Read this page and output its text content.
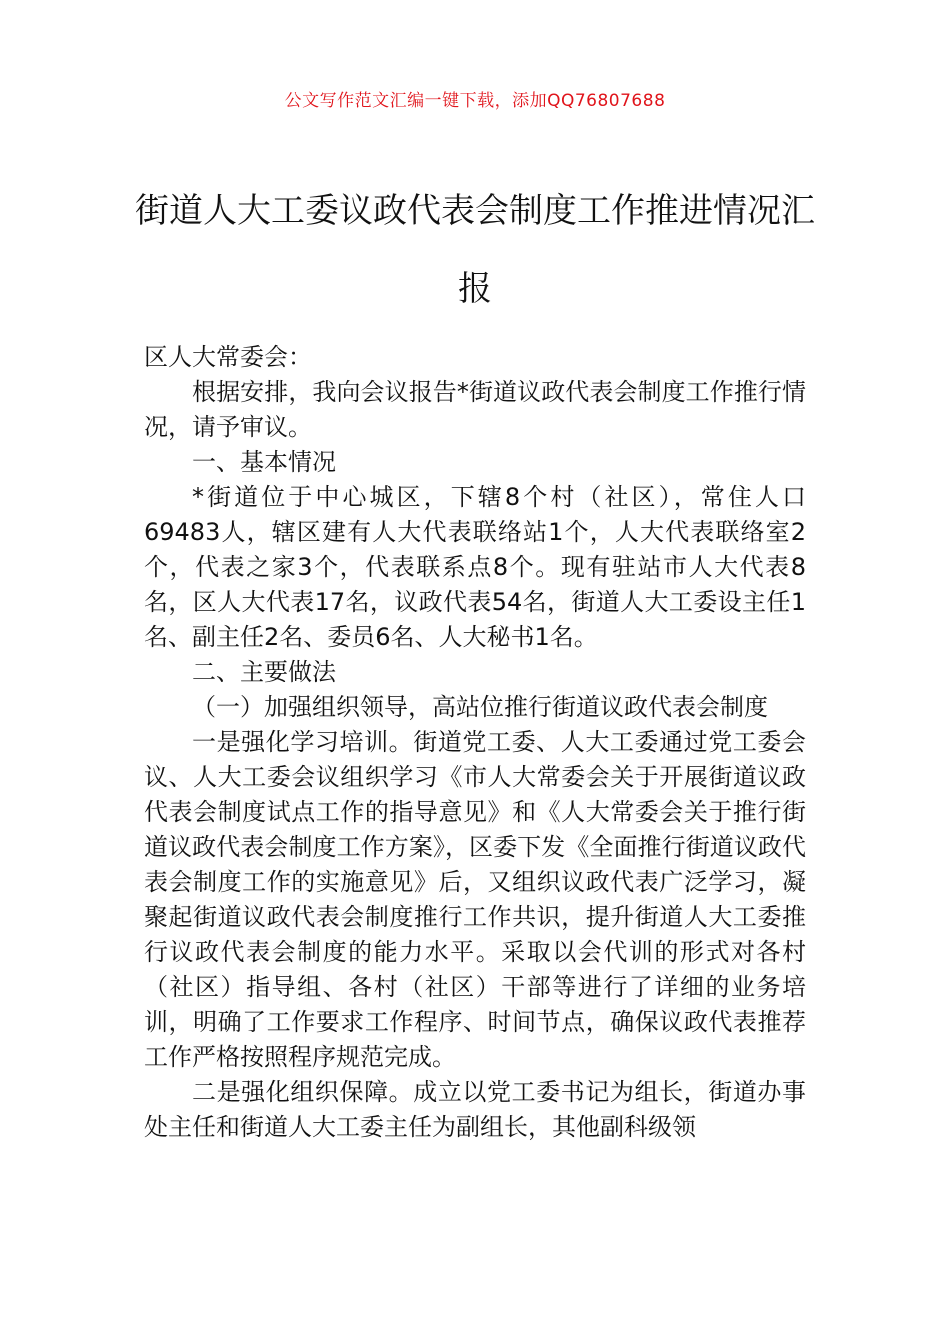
公文写作范文汇编一键下载，添加QQ76807688
街道人大工委议政代表会制度工作推进情况汇报

区人大常委会：

根据安排，我向会议报告*街道议政代表会制度工作推行情况，请予审议。

一、基本情况

*街道位于中心城区，下辖8个村（社区），常住人口69483人，辖区建有人大代表联络站1个，人大代表联络室2个，代表之家3个，代表联系点8个。现有驻站市人大代表8名，区人大代表17名，议政代表54名，街道人大工委设主任1名、副主任2名、委员6名、人大秘书1名。

二、主要做法

（一）加强组织领导，高站位推行街道议政代表会制度

一是强化学习培训。街道党工委、人大工委通过党工委会议、人大工委会议组织学习《市人大常委会关于开展街道议政代表会制度试点工作的指导意见》和《人大常委会关于推行街道议政代表会制度工作方案》，区委下发《全面推行街道议政代表会制度工作的实施意见》后，又组织议政代表广泛学习，凝聚起街道议政代表会制度推行工作共识，提升街道人大工委推行议政代表会制度的能力水平。采取以会代训的形式对各村（社区）指导组、各村（社区）干部等进行了详细的业务培训，明确了工作要求工作程序、时间节点，确保议政代表推荐工作严格按照程序规范完成。

二是强化组织保障。成立以党工委书记为组长，街道办事处主任和街道人大工委主任为副组长，其他副科级领
